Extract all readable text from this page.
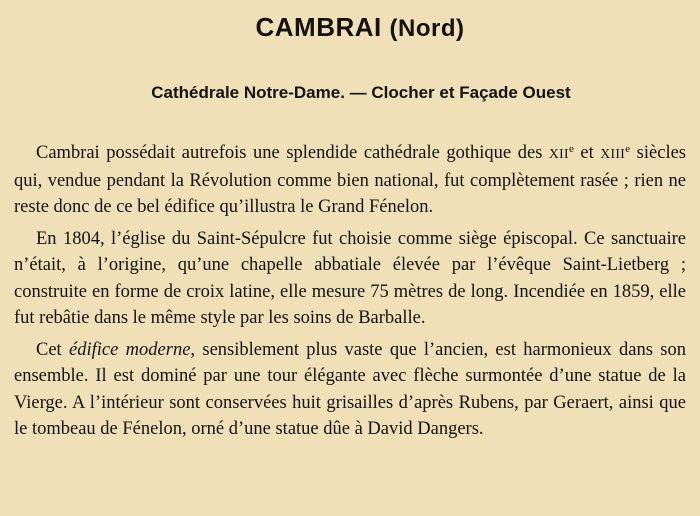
CAMBRAI (Nord)
Cathédrale Notre-Dame. — Clocher et Façade Ouest

Cambrai possédait autrefois une splendide cathédrale gothique des XIIe et XIIIe siècles qui, vendue pendant la Révolution comme bien national, fut complètement rasée ; rien ne reste donc de ce bel édifice qu’illustra le Grand Fénelon.

En 1804, l’église du Saint-Sépulcre fut choisie comme siège épiscopal. Ce sanctuaire n’était, à l’origine, qu’une chapelle abbatiale élevée par l’évêque Saint-Lietberg ; construite en forme de croix latine, elle mesure 75 mètres de long. Incendiée en 1859, elle fut rebâtie dans le même style par les soins de Barballe.

Cet édifice moderne, sensiblement plus vaste que l’ancien, est harmonieux dans son ensemble. Il est dominé par une tour élégante avec flèche surmontée d’une statue de la Vierge. A l’intérieur sont conservées huit grisailles d’après Rubens, par Geraert, ainsi que le tombeau de Fénelon, orné d’une statue dûe à David Dangers.
